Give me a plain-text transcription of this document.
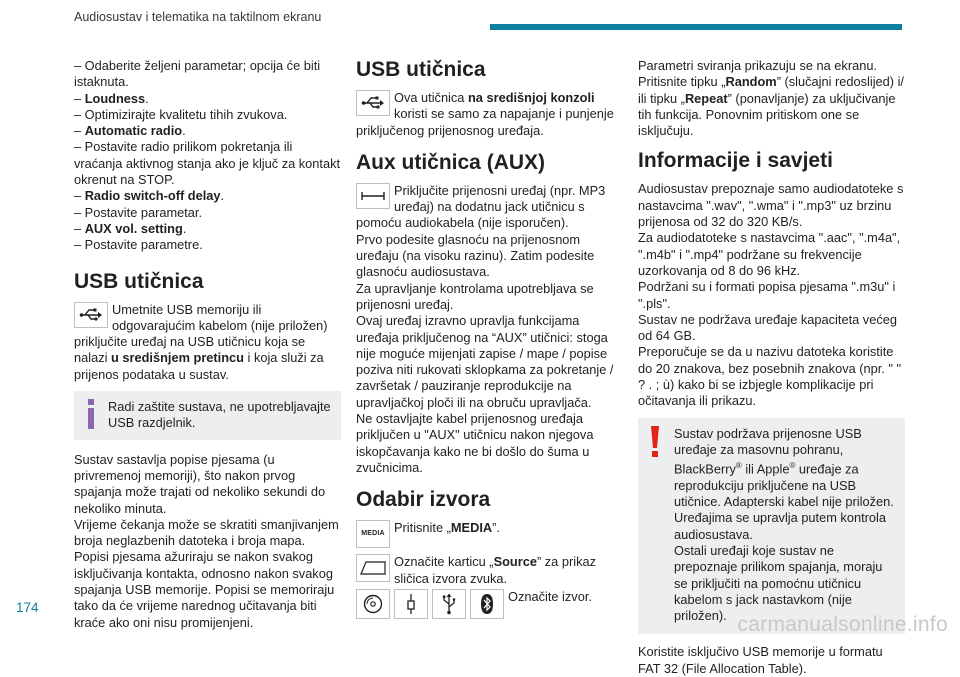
Audiosustav i telematika na taktilnom ekranu

– Odaberite željeni parametar; opcija će biti istaknuta.

– Loudness.

– Optimizirajte kvalitetu tihih zvukova.

– Automatic radio.

– Postavite radio prilikom pokretanja ili vraćanja aktivnog stanja ako je ključ za kontakt okrenut na STOP.

– Radio switch-off delay.

– Postavite parametar.

– AUX vol. setting.

– Postavite parametre.

USB utičnica

Umetnite USB memoriju ili odgovarajućim kabelom (nije priložen) priključite uređaj na USB utičnicu koja se nalazi u središnjem pretincu i koja služi za prijenos podataka u sustav.

Radi zaštite sustava, ne upotrebljavajte USB razdjelnik.

Sustav sastavlja popise pjesama (u privremenoj memoriji), što nakon prvog spajanja može trajati od nekoliko sekundi do nekoliko minuta.

Vrijeme čekanja može se skratiti smanjivanjem broja neglazbenih datoteka i broja mapa.

Popisi pjesama ažuriraju se nakon svakog isključivanja kontakta, odnosno nakon svakog spajanja USB memorije. Popisi se memoriraju tako da će vrijeme narednog učitavanja biti kraće ako oni nisu promijenjeni.

USB utičnica

Ova utičnica na središnjoj konzoli koristi se samo za napajanje i punjenje priključenog prijenosnog uređaja.

Aux utičnica (AUX)

Priključite prijenosni uređaj (npr. MP3 uređaj) na dodatnu jack utičnicu s pomoću audiokabela (nije isporučen).

Prvo podesite glasnoću na prijenosnom uređaju (na visoku razinu). Zatim podesite glasnoću audiosustava.

Za upravljanje kontrolama upotrebljava se prijenosni uređaj.

Ovaj uređaj izravno upravlja funkcijama uređaja priključenog na “AUX” utičnici: stoga nije moguće mijenjati zapise / mape / popise poziva niti rukovati sklopkama za pokretanje / završetak / pauziranje reprodukcije na upravljačkoj ploči ili na obruču upravljača.

Ne ostavljajte kabel prijenosnog uređaja priključen u "AUX" utičnicu nakon njegova iskopčavanja kako ne bi došlo do šuma u zvučnicima.

Odabir izvora
MEDIA Pritisnite „MEDIA”.

Označite karticu „Source” za prikaz sličica izvora zvuka.

Označite izvor.

Parametri sviranja prikazuju se na ekranu.

Pritisnite tipku „Random” (slučajni redoslijed) i/ ili tipku „Repeat” (ponavljanje) za uključivanje tih funkcija. Ponovnim pritiskom one se isključuju.

Informacije i savjeti

Audiosustav prepoznaje samo audiodatoteke s nastavcima ".wav", ".wma" i ".mp3" uz brzinu prijenosa od 32 do 320 KB/s.

Za audiodatoteke s nastavcima ".aac", ".m4a", ".m4b" i ".mp4" podržane su frekvencije uzorkovanja od 8 do 96 kHz.

Podržani su i formati popisa pjesama ".m3u" i ".pls".

Sustav ne podržava uređaje kapaciteta većeg od 64 GB.

Preporučuje se da u nazivu datoteka koristite do 20 znakova, bez posebnih znakova (npr. " " ? . ; ù) kako bi se izbjegle komplikacije pri očitavanja ili prikazu.

Sustav podržava prijenosne USB uređaje za masovnu pohranu, BlackBerry® ili Apple® uređaje za reprodukciju priključene na USB utičnice. Adapterski kabel nije priložen.

Uređajima se upravlja putem kontrola audiosustava.

Ostali uređaji koje sustav ne prepoznaje prilikom spajanja, moraju se priključiti na pomoćnu utičnicu kabelom s jack nastavkom (nije priložen).

Koristite isključivo USB memorije u formatu FAT 32 (File Allocation Table).

174
carmanualsonline.info
